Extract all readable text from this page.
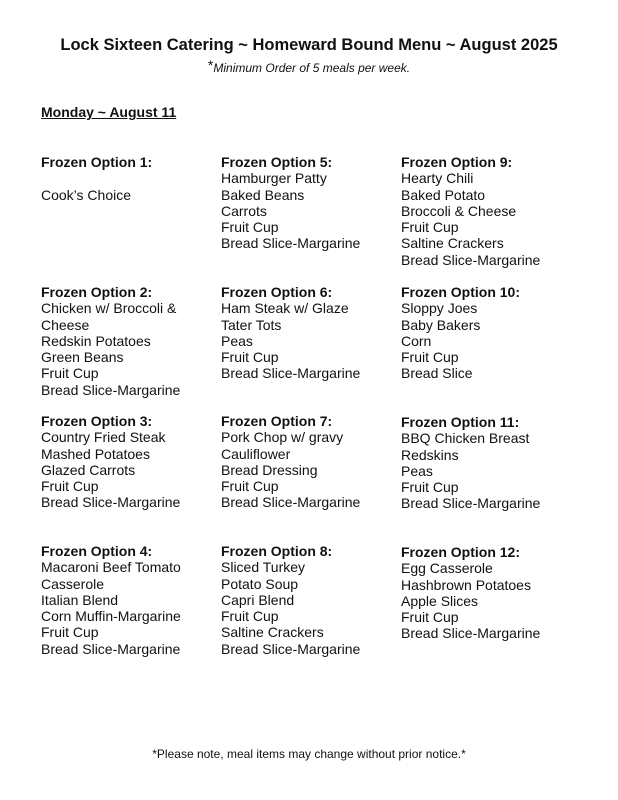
Lock Sixteen Catering ~ Homeward Bound Menu ~ August 2025
*Minimum Order of 5 meals per week.
Monday ~ August 11
Frozen Option 1:
Cook’s Choice
Frozen Option 5:
Hamburger Patty
Baked Beans
Carrots
Fruit Cup
Bread Slice-Margarine
Frozen Option 9:
Hearty Chili
Baked Potato
Broccoli & Cheese
Fruit Cup
Saltine Crackers
Bread Slice-Margarine
Frozen Option 2:
Chicken w/ Broccoli &
Cheese
Redskin Potatoes
Green Beans
Fruit Cup
Bread Slice-Margarine
Frozen Option 6:
Ham Steak w/ Glaze
Tater Tots
Peas
Fruit Cup
Bread Slice-Margarine
Frozen Option 10:
Sloppy Joes
Baby Bakers
Corn
Fruit Cup
Bread Slice
Frozen Option 3:
Country Fried Steak
Mashed Potatoes
Glazed Carrots
Fruit Cup
Bread Slice-Margarine
Frozen Option 7:
Pork Chop w/ gravy
Cauliflower
Bread Dressing
Fruit Cup
Bread Slice-Margarine
Frozen Option 11:
BBQ Chicken Breast
Redskins
Peas
Fruit Cup
Bread Slice-Margarine
Frozen Option 4:
Macaroni Beef Tomato
Casserole
Italian Blend
Corn Muffin-Margarine
Fruit Cup
Bread Slice-Margarine
Frozen Option 8:
Sliced Turkey
Potato Soup
Capri Blend
Fruit Cup
Saltine Crackers
Bread Slice-Margarine
Frozen Option 12:
Egg Casserole
Hashbrown Potatoes
Apple Slices
Fruit Cup
Bread Slice-Margarine
*Please note, meal items may change without prior notice.*
